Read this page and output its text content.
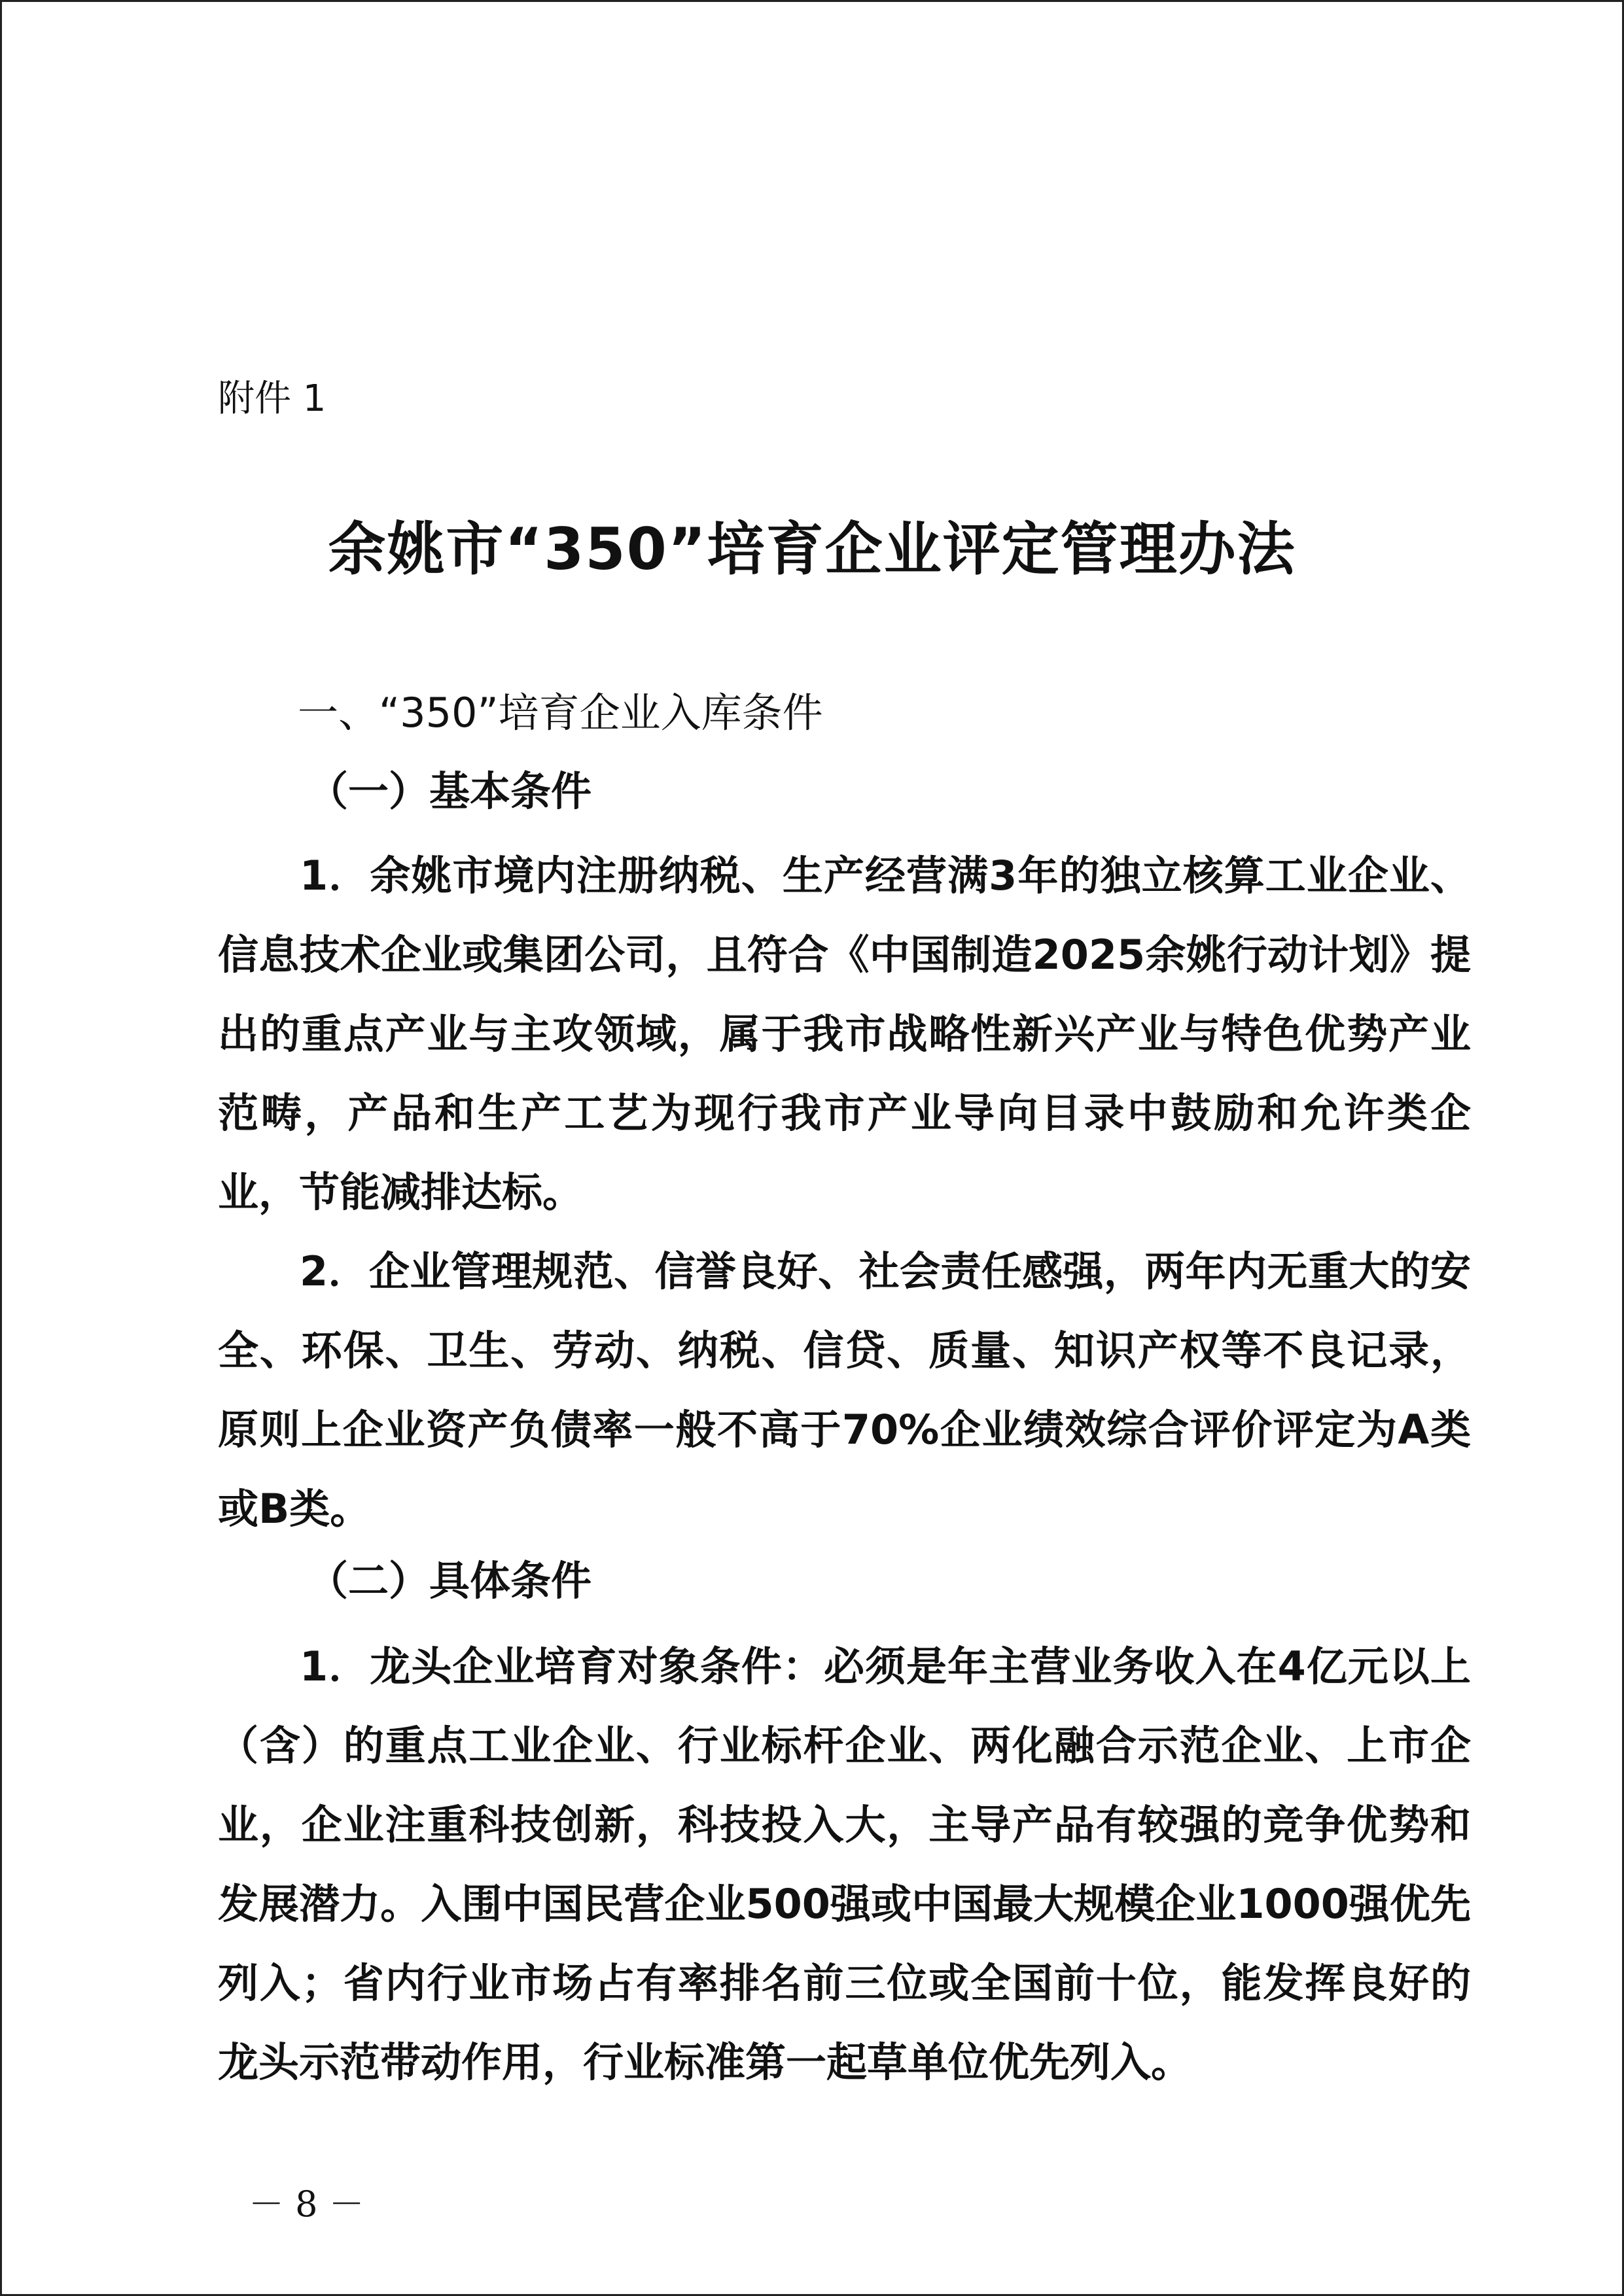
附件 1
余姚市“350”培育企业评定管理办法
一、“350”培育企业入库条件
（一）基本条件

1．余姚市境内注册纳税、生产经营满3年的独立核算工业企业、信息技术企业或集团公司，且符合《中国制造2025余姚行动计划》提出的重点产业与主攻领域，属于我市战略性新兴产业与特色优势产业范畴，产品和生产工艺为现行我市产业导向目录中鼓励和允许类企业，节能减排达标。

2．企业管理规范、信誉良好、社会责任感强，两年内无重大的安全、环保、卫生、劳动、纳税、信贷、质量、知识产权等不良记录，原则上企业资产负债率一般不高于70%企业绩效综合评价评定为A类或B类。

（二）具体条件

1．龙头企业培育对象条件：必须是年主营业务收入在4亿元以上（含）的重点工业企业、行业标杆企业、两化融合示范企业、上市企业，企业注重科技创新，科技投入大，主导产品有较强的竞争优势和发展潜力。入围中国民营企业500强或中国最大规模企业1000强优先列入；省内行业市场占有率排名前三位或全国前十位，能发挥良好的龙头示范带动作用，行业标准第一起草单位优先列入。

－ 8 －
